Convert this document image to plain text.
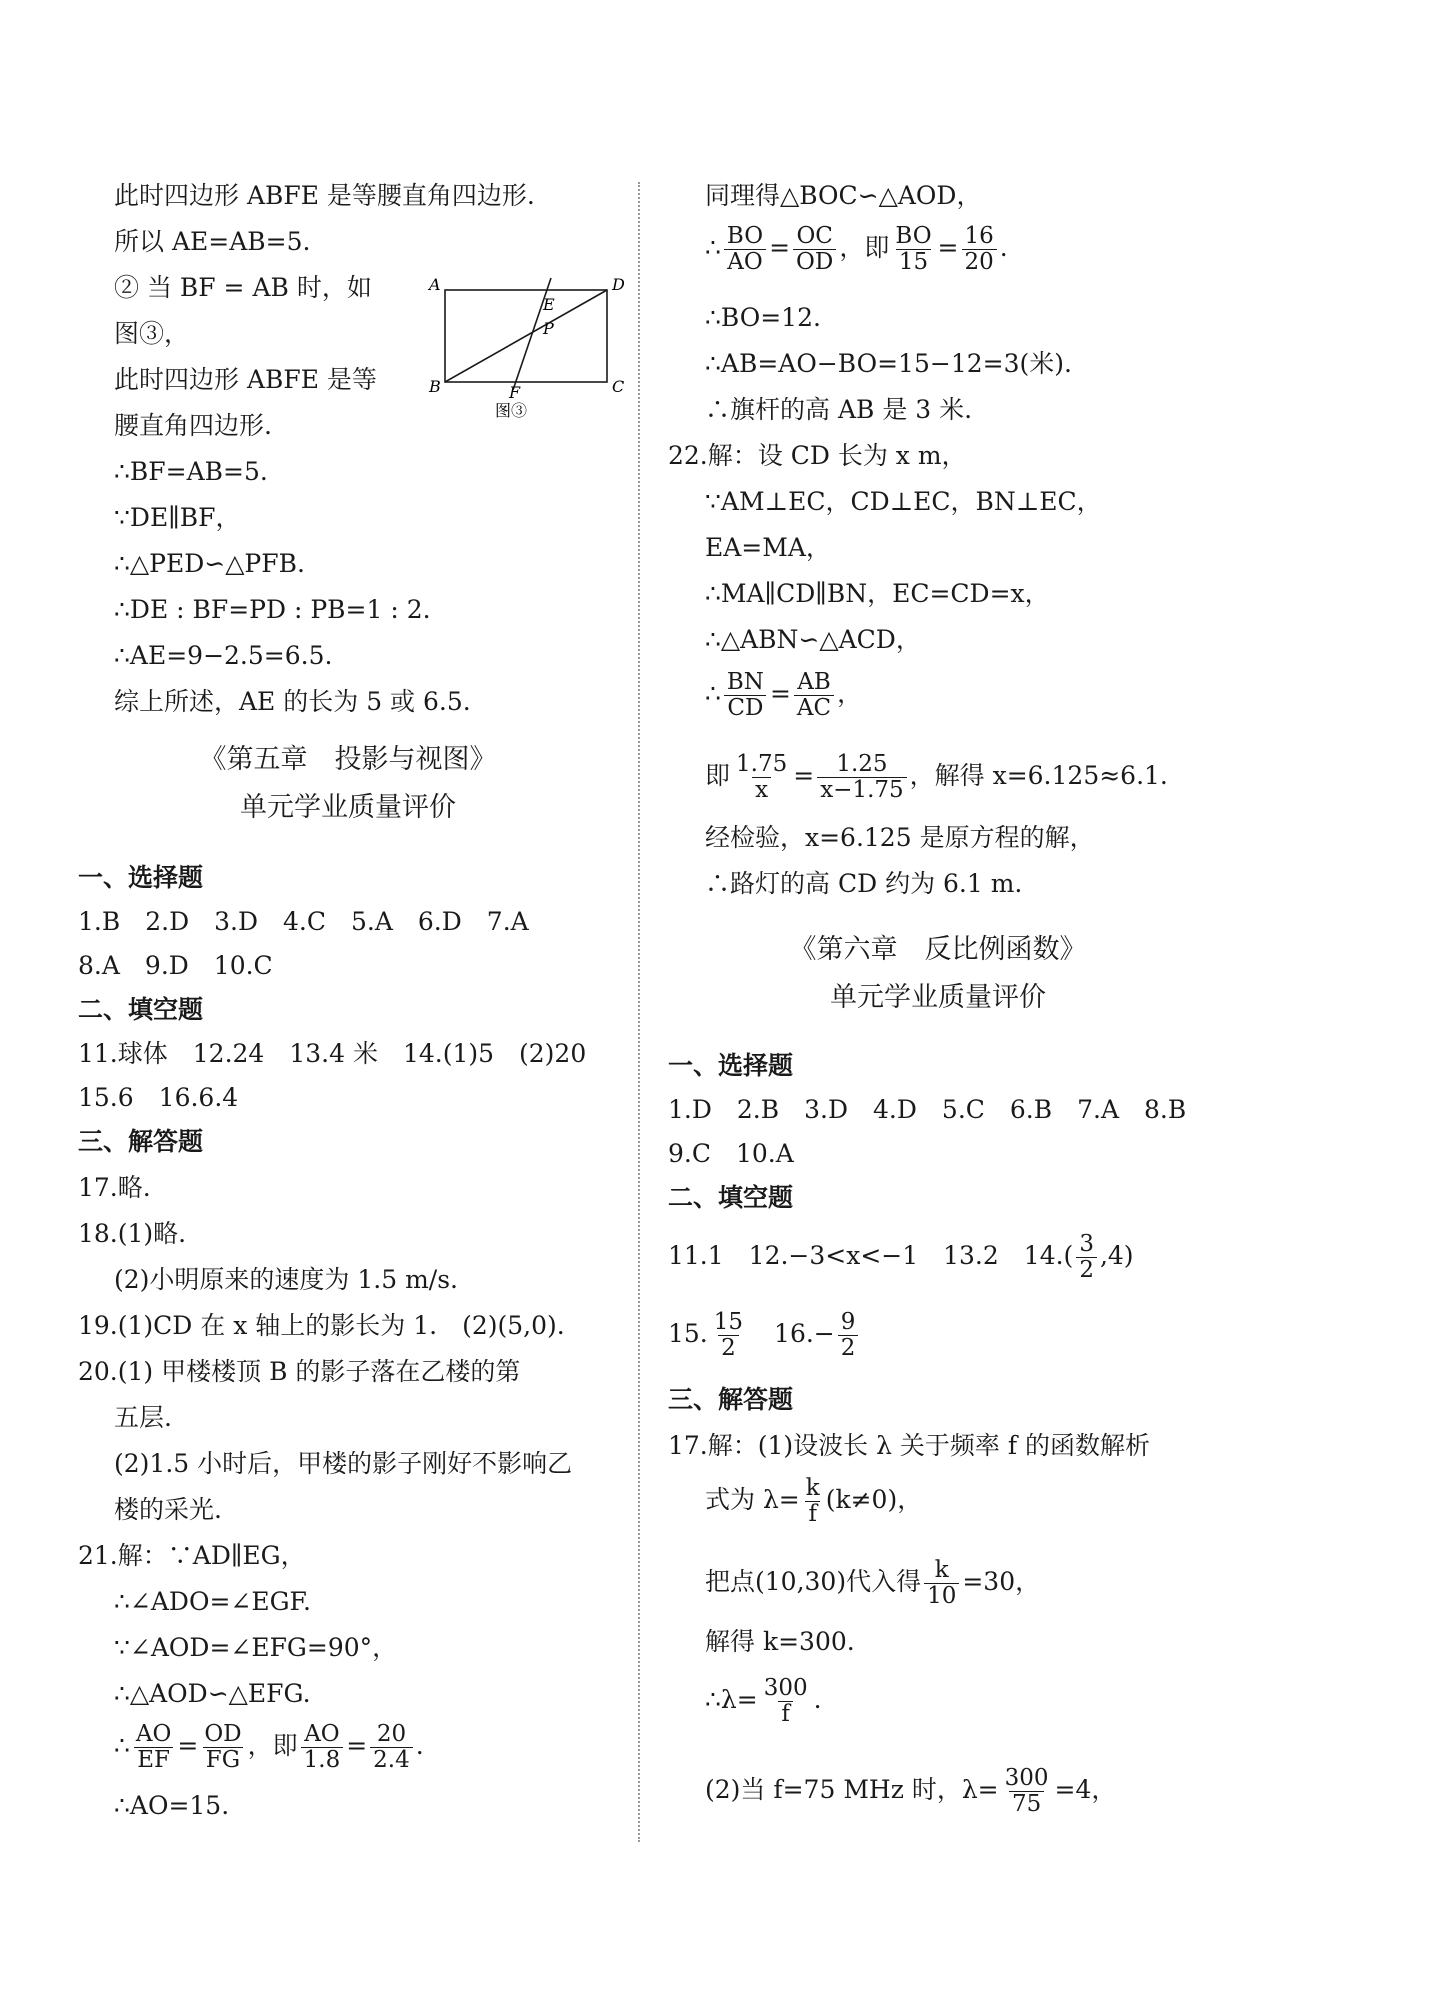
此时四边形 ABFE 是等腰直角四边形.
所以 AE=AB=5.
② 当 BF = AB 时，如
图③，
此时四边形 ABFE 是等
腰直角四边形.
A	D
B	C
E
P
F
图③
∴BF=AB=5.
∵DE∥BF，
∴△PED∽△PFB.
∴DE : BF=PD : PB=1 : 2.
∴AE=9−2.5=6.5.
综上所述，AE 的长为 5 或 6.5.
《第五章　投影与视图》
单元学业质量评价
一、选择题
1.B　2.D　3.D　4.C　5.A　6.D　7.A
8.A　9.D　10.C
二、填空题
11.球体　12.24　13.4 米　14.(1)5　(2)20
15.6　16.6.4
三、解答题
17.略.
18.(1)略.
(2)小明原来的速度为 1.5 m/s.
19.(1)CD 在 x 轴上的影长为 1.　(2)(5,0).
20.(1) 甲楼楼顶 B 的影子落在乙楼的第
五层.
(2)1.5 小时后，甲楼的影子刚好不影响乙
楼的采光.
21.解：∵AD∥EG，
∴∠ADO=∠EGF.
∵∠AOD=∠EFG=90°，
∴△AOD∽△EFG.
∴ $\frac{AO}{EF} = \frac{OD}{FG}$ ，即 $\frac{AO}{1.8} = \frac{20}{2.4}$ .
∴AO=15.
同理得△BOC∽△AOD，
∴ $\frac{BO}{AO} = \frac{OC}{OD}$ ，即 $\frac{BO}{15} = \frac{16}{20}$ .
∴BO=12.
∴AB=AO−BO=15−12=3(米).
∴旗杆的高 AB 是 3 米.
22.解：设 CD 长为 x m，
∵AM⊥EC，CD⊥EC，BN⊥EC，
EA=MA，
∴MA∥CD∥BN，EC=CD=x，
∴△ABN∽△ACD，
∴ $\frac{BN}{CD} = \frac{AB}{AC}$ ，
即 $\frac{1.75}{x} = \frac{1.25}{x-1.75}$ ，解得 x=6.125≈6.1.
经检验，x=6.125 是原方程的解，
∴路灯的高 CD 约为 6.1 m.
《第六章　反比例函数》
单元学业质量评价
一、选择题
1.D　2.B　3.D　4.D　5.C　6.B　7.A　8.B
9.C　10.A
二、填空题
11.1　12.−3<x<−1　13.2　$14.( \frac{3}{2} ,4)$
15. $\frac{15}{2}$ 　$16.- \frac{9}{2}$
三、解答题
17.解：(1)设波长 λ 关于频率 f 的函数解析
式为 $\lambda= \frac{k}{f} (k\ne 0)$，
把点(10,30)代入得 $\frac{k}{10} =30$，
解得 k=300.
∴λ= $\frac{300}{f}$ .
(2)当 f=75 MHz 时，$\lambda= \frac{300}{75} =4$，
